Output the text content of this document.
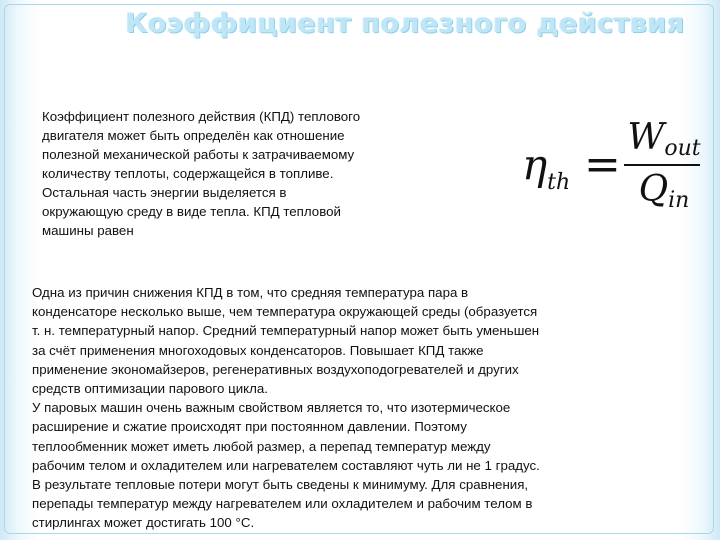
Коэффициент полезного действия
Коэффициент полезного действия (КПД) теплового
двигателя может быть определён как отношение
полезной механической работы к затрачиваемому
количеству теплоты, содержащейся в топливе.
Остальная часть энергии выделяется в
окружающую среду в виде тепла. КПД тепловой
машины равен
$\eta_{th}$ =
$W_{out}$
$Q_{in}$
Одна из причин снижения КПД в том, что средняя температура пара в
конденсаторе несколько выше, чем температура окружающей среды (образуется
т. н. температурный напор. Средний температурный напор может быть уменьшен
за счёт применения многоходовых конденсаторов. Повышает КПД также
применение экономайзеров, регенеративных воздухоподогревателей и других
средств оптимизации парового цикла.
У паровых машин очень важным свойством является то, что изотермическое
расширение и сжатие происходят при постоянном давлении. Поэтому
теплообменник может иметь любой размер, а перепад температур между
рабочим телом и охладителем или нагревателем составляют чуть ли не 1 градус.
В результате тепловые потери могут быть сведены к минимуму. Для сравнения,
перепады температур между нагревателем или охладителем и рабочим телом в
стирлингах может достигать 100 °С.
